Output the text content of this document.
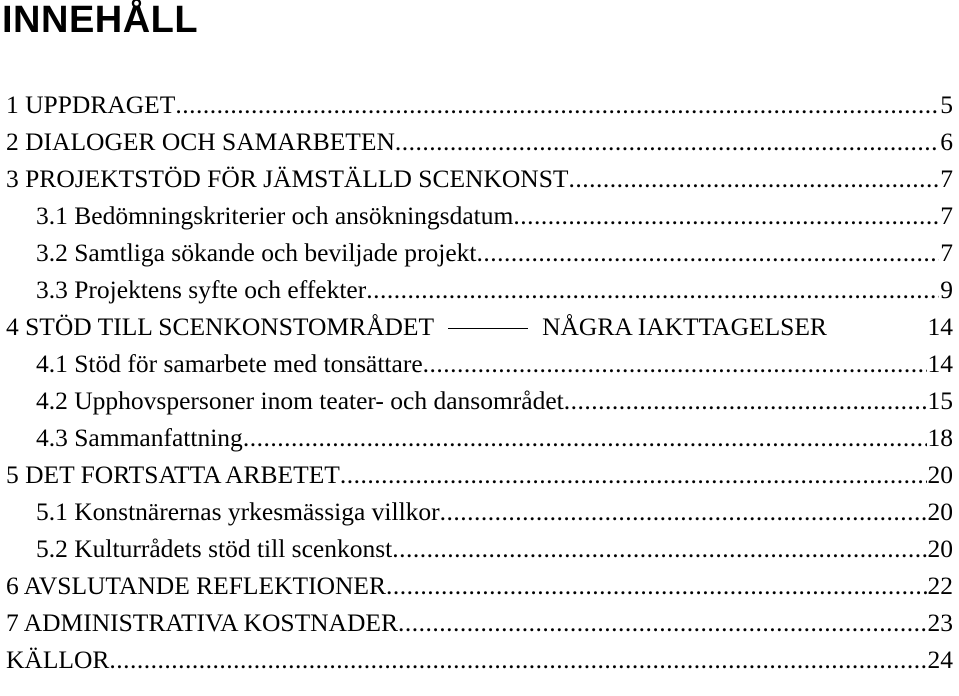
INNEHÅLL
1 UPPDRAGET .....	5
2 DIALOGER OCH SAMARBETEN .....	6
3 PROJEKTSTÖD FÖR JÄMSTÄLLD SCENKONST .....	7
3.1 Bedömningskriterier och ansökningsdatum .....	7
3.2 Samtliga sökande och beviljade projekt .....	7
3.3 Projektens syfte och effekter .....	9
4 STÖD TILL SCENKONSTOMRÅDET	NÅGRA IAKTTAGELSER	14
4.1 Stöd för samarbete med tonsättare .....	14
4.2 Upphovspersoner inom teater- och dansområdet .....	15
4.3 Sammanfattning .....	18
5 DET FORTSATTA ARBETET .....	20
5.1 Konstnärernas yrkesmässiga villkor .....	20
5.2 Kulturrådets stöd till scenkonst .....	20
6 AVSLUTANDE REFLEKTIONER .....	22
7 ADMINISTRATIVA KOSTNADER .....	23
KÄLLOR .....	24
